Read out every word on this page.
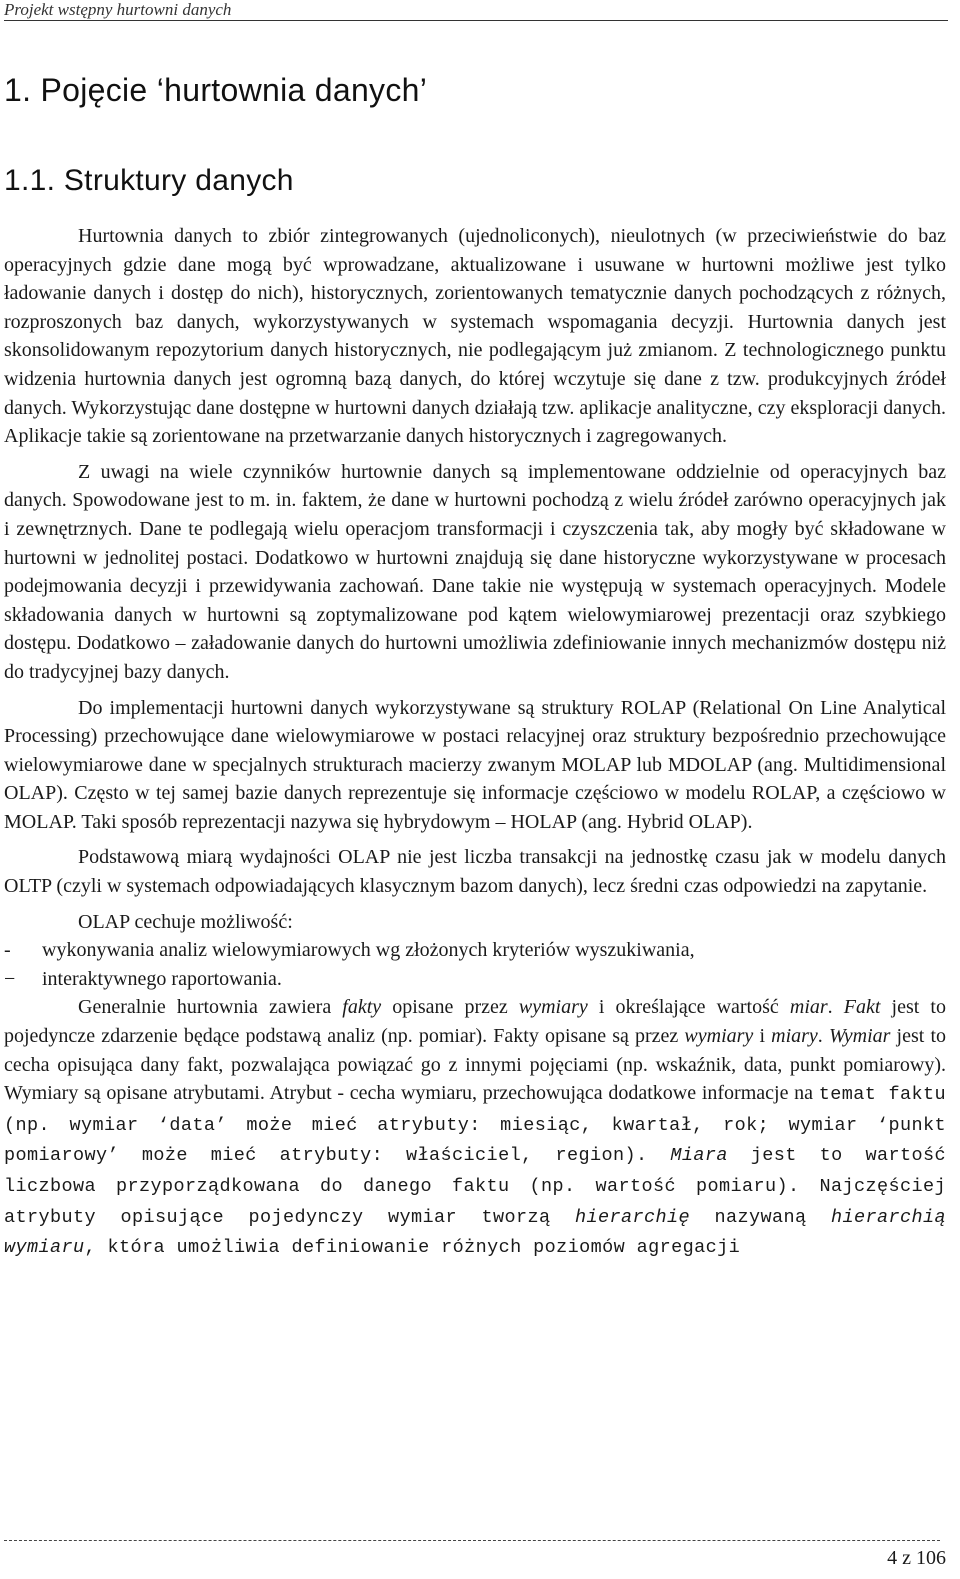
Projekt wstępny hurtowni danych
1. Pojęcie ‘hurtownia danych’
1.1. Struktury danych

Hurtownia danych to zbiór zintegrowanych (ujednoliconych), nieulotnych (w przeciwieństwie do baz operacyjnych gdzie dane mogą być wprowadzane, aktualizowane i usuwane w hurtowni możliwe jest tylko ładowanie danych i dostęp do nich), historycznych, zorientowanych tematycznie danych pochodzących z różnych, rozproszonych baz danych, wykorzystywanych w systemach wspomagania decyzji. Hurtownia danych jest skonsolidowanym repozytorium danych historycznych, nie podlegającym już zmianom. Z technologicznego punktu widzenia hurtownia danych jest ogromną bazą danych, do której wczytuje się dane z tzw. produkcyjnych źródeł danych. Wykorzystując dane dostępne w hurtowni danych działają tzw. aplikacje analityczne, czy eksploracji danych. Aplikacje takie są zorientowane na przetwarzanie danych historycznych i zagregowanych.

Z uwagi na wiele czynników hurtownie danych są implementowane oddzielnie od operacyjnych baz danych. Spowodowane jest to m. in. faktem, że dane w hurtowni pochodzą z wielu źródeł zarówno operacyjnych jak i zewnętrznych. Dane te podlegają wielu operacjom transformacji i czyszczenia tak, aby mogły być składowane w hurtowni w jednolitej postaci. Dodatkowo w hurtowni znajdują się dane historyczne wykorzystywane w procesach podejmowania decyzji i przewidywania zachowań. Dane takie nie występują w systemach operacyjnych. Modele składowania danych w hurtowni są zoptymalizowane pod kątem wielowymiarowej prezentacji oraz szybkiego dostępu. Dodatkowo – załadowanie danych do hurtowni umożliwia zdefiniowanie innych mechanizmów dostępu niż do tradycyjnej bazy danych.

Do implementacji hurtowni danych wykorzystywane są struktury ROLAP (Relational On Line Analytical Processing) przechowujące dane wielowymiarowe w postaci relacyjnej oraz struktury bezpośrednio przechowujące wielowymiarowe dane w specjalnych strukturach macierzy zwanym MOLAP lub MDOLAP (ang. Multidimensional OLAP). Często w tej samej bazie danych reprezentuje się informacje częściowo w modelu ROLAP, a częściowo w MOLAP. Taki sposób reprezentacji nazywa się hybrydowym – HOLAP (ang. Hybrid OLAP).

Podstawową miarą wydajności OLAP nie jest liczba transakcji na jednostkę czasu jak w modelu danych OLTP (czyli w systemach odpowiadających klasycznym bazom danych), lecz średni czas odpowiedzi na zapytanie.

OLAP cechuje możliwość:

- wykonywania analiz wielowymiarowych wg złożonych kryteriów wyszukiwania,
− interaktywnego raportowania.

Generalnie hurtownia zawiera fakty opisane przez wymiary i określające wartość miar. Fakt jest to pojedyncze zdarzenie będące podstawą analiz (np. pomiar). Fakty opisane są przez wymiary i miary. Wymiar jest to cecha opisująca dany fakt, pozwalająca powiązać go z innymi pojęciami (np. wskaźnik, data, punkt pomiarowy). Wymiary są opisane atrybutami. Atrybut - cecha wymiaru, przechowująca dodatkowe informacje na temat faktu (np. wymiar ‘data’ może mieć atrybuty: miesiąc, kwartał, rok; wymiar ‘punkt pomiarowy’ może mieć atrybuty: właściciel, region). Miara jest to wartość liczbowa przyporządkowana do danego faktu (np. wartość pomiaru). Najczęściej atrybuty opisujące pojedynczy wymiar tworzą hierarchię nazywaną hierarchią wymiaru, która umożliwia definiowanie różnych poziomów agregacji

4 z 106
